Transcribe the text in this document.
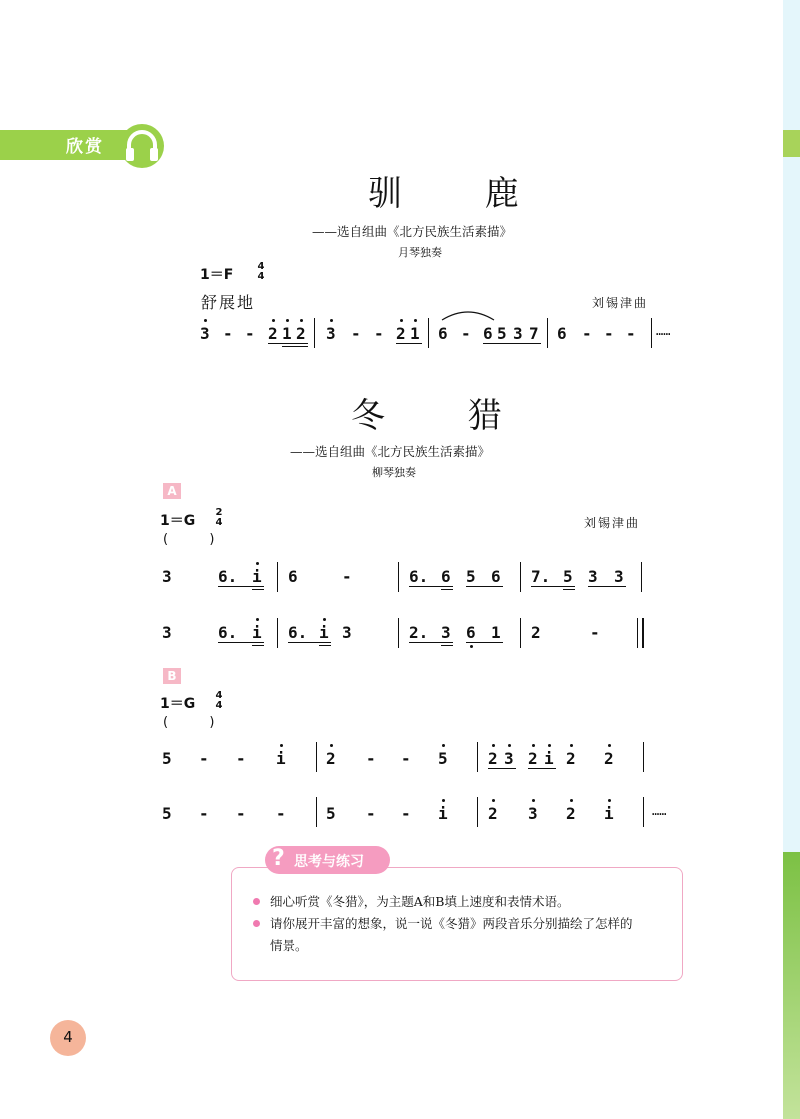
欣赏
驯 鹿
——选自组曲《北方民族生活素描》
月琴独奏
1＝F
4
4
舒展地	刘锡津曲
3 - - 2 1 2 3 - - 2 1 6 - 6 5 3 7 6 - - - ……
冬 猎
——选自组曲《北方民族生活素描》
柳琴独奏
A
1＝G
2
4	刘锡津曲
(          )
3	6. i 6	-	6. 6 5 6 7. 5 3 3
3	6. i 6. i 3	2. 3 6 1 2	-
B
1＝G
4
4
(          )
5 - - i	2 - - 5	2 3 2 i 2 2
5 - - -	5 - - i	2 3 2 i	……
? 思考与练习
细心听赏《冬猎》，为主题A和B填上速度和表情术语。
请你展开丰富的想象，说一说《冬猎》两段音乐分别描绘了怎样的
情景。
4
